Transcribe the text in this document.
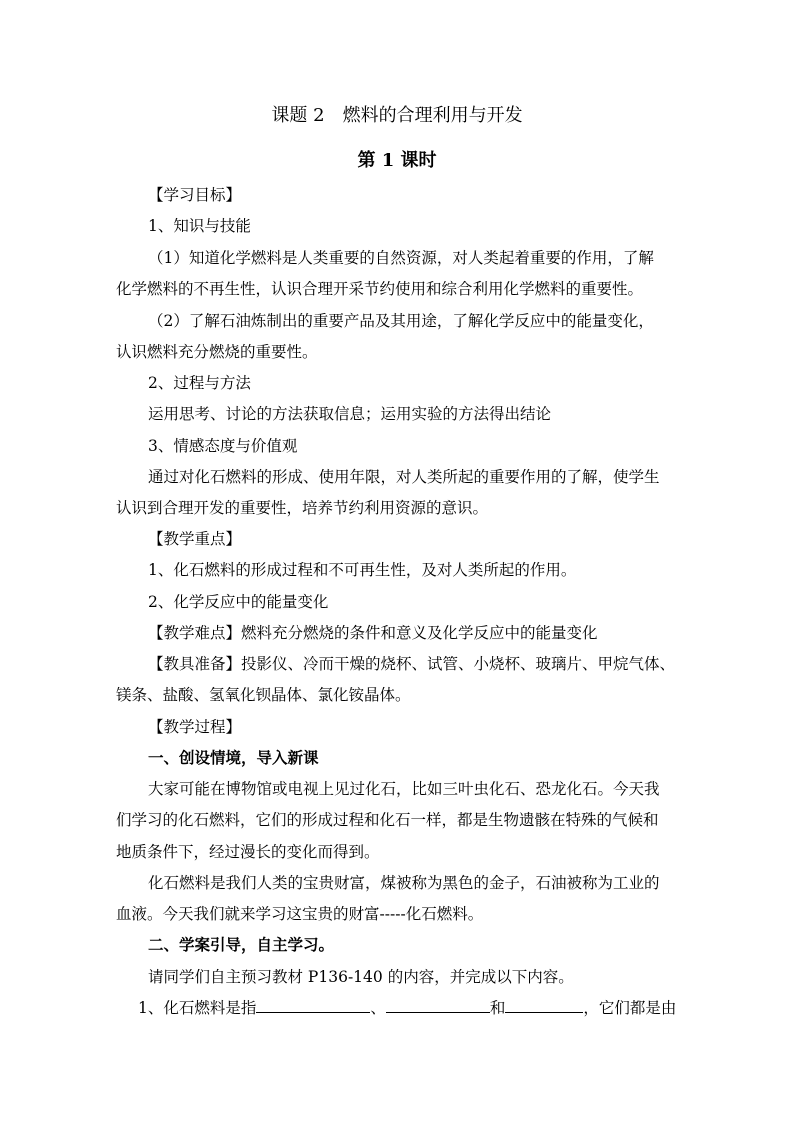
课题 2　燃料的合理利用与开发
第 1 课时
【学习目标】
1、知识与技能
（1）知道化学燃料是人类重要的自然资源，对人类起着重要的作用，了解
化学燃料的不再生性，认识合理开采节约使用和综合利用化学燃料的重要性。
（2）了解石油炼制出的重要产品及其用途，了解化学反应中的能量变化，
认识燃料充分燃烧的重要性。
2、过程与方法
运用思考、讨论的方法获取信息；运用实验的方法得出结论
3、情感态度与价值观
通过对化石燃料的形成、使用年限，对人类所起的重要作用的了解，使学生
认识到合理开发的重要性，培养节约利用资源的意识。
【教学重点】
1、化石燃料的形成过程和不可再生性，及对人类所起的作用。
2、化学反应中的能量变化
【教学难点】燃料充分燃烧的条件和意义及化学反应中的能量变化
【教具准备】投影仪、冷而干燥的烧杯、试管、小烧杯、玻璃片、甲烷气体、
镁条、盐酸、氢氧化钡晶体、氯化铵晶体。
【教学过程】
一、创设情境，导入新课
大家可能在博物馆或电视上见过化石，比如三叶虫化石、恐龙化石。今天我
们学习的化石燃料，它们的形成过程和化石一样，都是生物遗骸在特殊的气候和
地质条件下，经过漫长的变化而得到。
化石燃料是我们人类的宝贵财富，煤被称为黑色的金子，石油被称为工业的
血液。今天我们就来学习这宝贵的财富-----化石燃料。
二、学案引导，自主学习。
请同学们自主预习教材 P136-140 的内容，并完成以下内容。
1、化石燃料是指	、	和	，它们都是由
